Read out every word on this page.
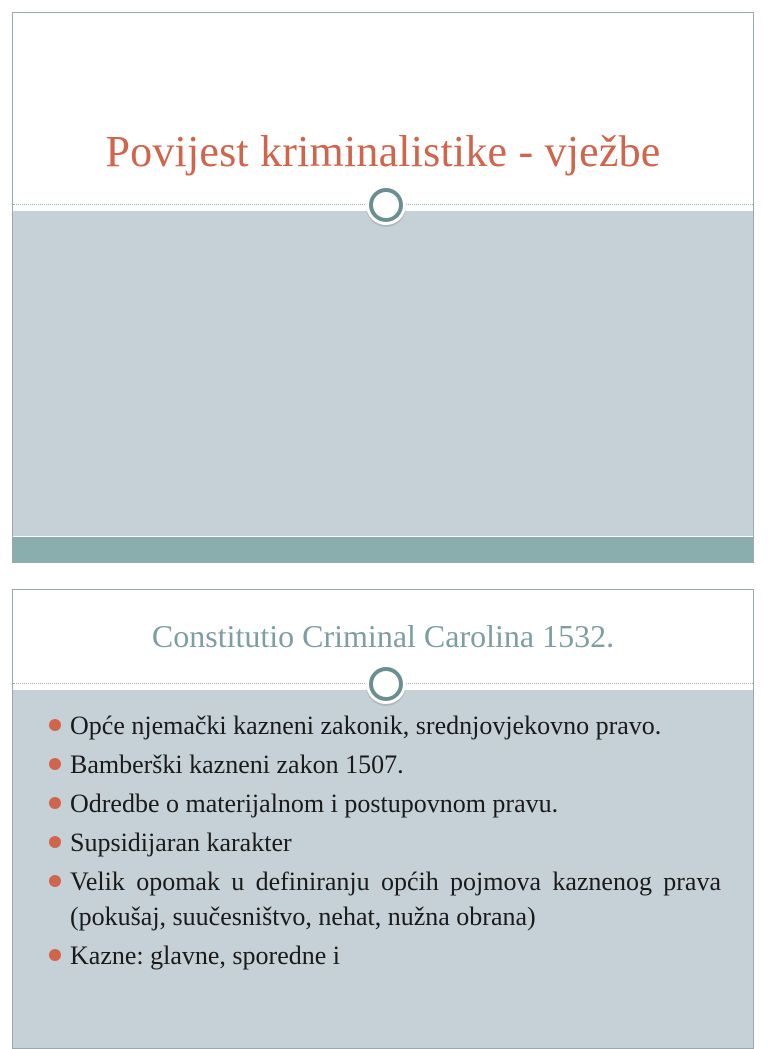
Povijest kriminalistike - vježbe
Constitutio Criminal Carolina 1532.
Opće njemački kazneni zakonik, srednjovjekovno pravo.
Bamberški kazneni zakon 1507.
Odredbe o materijalnom i postupovnom pravu.
Supsidijaran karakter
Velik opomak u definiranju općih pojmova kaznenog prava (pokušaj, suučesništvo, nehat, nužna obrana)
Kazne: glavne, sporedne i
